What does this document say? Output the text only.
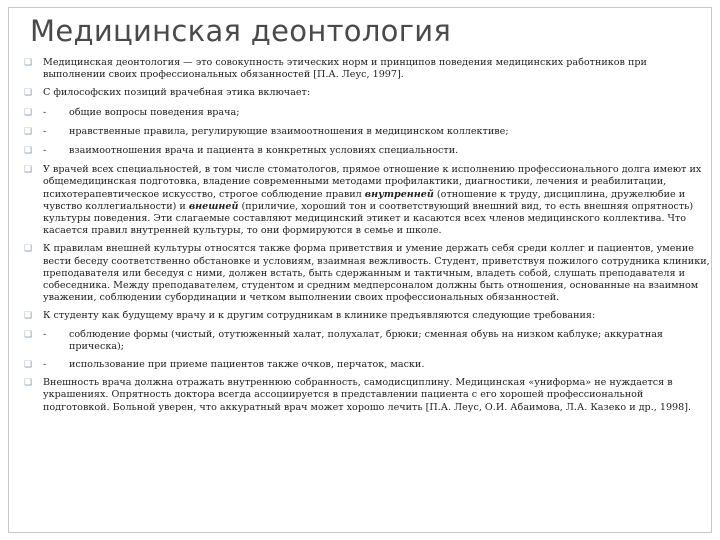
Медицинская деонтология
❑	Медицинская деонтология — это совокупность этических норм и принципов поведения медицинских работников при выполнении своих профессиональных обязанностей [П.А. Леус, 1997].
❑	С философских позиций врачебная этика включает:
❑	-	общие вопросы поведения врача;
❑	-	нравственные правила, регулирующие взаимоотношения в медицинском коллективе;
❑	-	взаимоотношения врача и пациента в конкретных условиях специальности.
❑	У врачей всех специальностей, в том числе стоматологов, прямое отношение к исполнению профессионального долга имеют их общемедицинская подготовка, владение современными методами профилактики, диагностики, лечения и реабилитации, психотерапевтическое искусство, строгое соблюдение правил внутренней (отношение к труду, дисциплина, дружелюбие и чувство коллегиальности) и внешней (приличие, хороший тон и соответствующий внешний вид, то есть внешняя опрятность) культуры поведения. Эти слагаемые составляют медицинский этикет и касаются всех членов медицинского коллектива. Что касается правил внутренней культуры, то они формируются в семье и школе.
❑	К правилам внешней культуры относятся также форма приветствия и умение держать себя среди коллег и пациентов, умение вести беседу соответственно обстановке и условиям, взаимная вежливость. Студент, приветствуя пожилого сотрудника клиники, преподавателя или беседуя с ними, должен встать, быть сдержанным и тактичным, владеть собой, слушать преподавателя и собеседника. Между преподавателем, студентом и средним медперсоналом должны быть отношения, основанные на взаимном уважении, соблюдении субординации и четком выполнении своих профессиональных обязанностей.
❑	К студенту как будущему врачу и к другим сотрудникам в клинике предъявляются следующие требования:
❑	-	соблюдение формы (чистый, отутюженный халат, полухалат, брюки; сменная обувь на низком каблуке; аккуратная прическа);
❑	-	использование при приеме пациентов также очков, перчаток, маски.
❑	Внешность врача должна отражать внутреннюю собранность, самодисциплину. Медицинская «униформа» не нуждается в украшениях. Опрятность доктора всегда ассоциируется в представлении пациента с его хорошей профессиональной подготовкой. Больной уверен, что аккуратный врач может хорошо лечить [П.А. Леус, О.И. Абаимова, Л.А. Казеко и др., 1998].
